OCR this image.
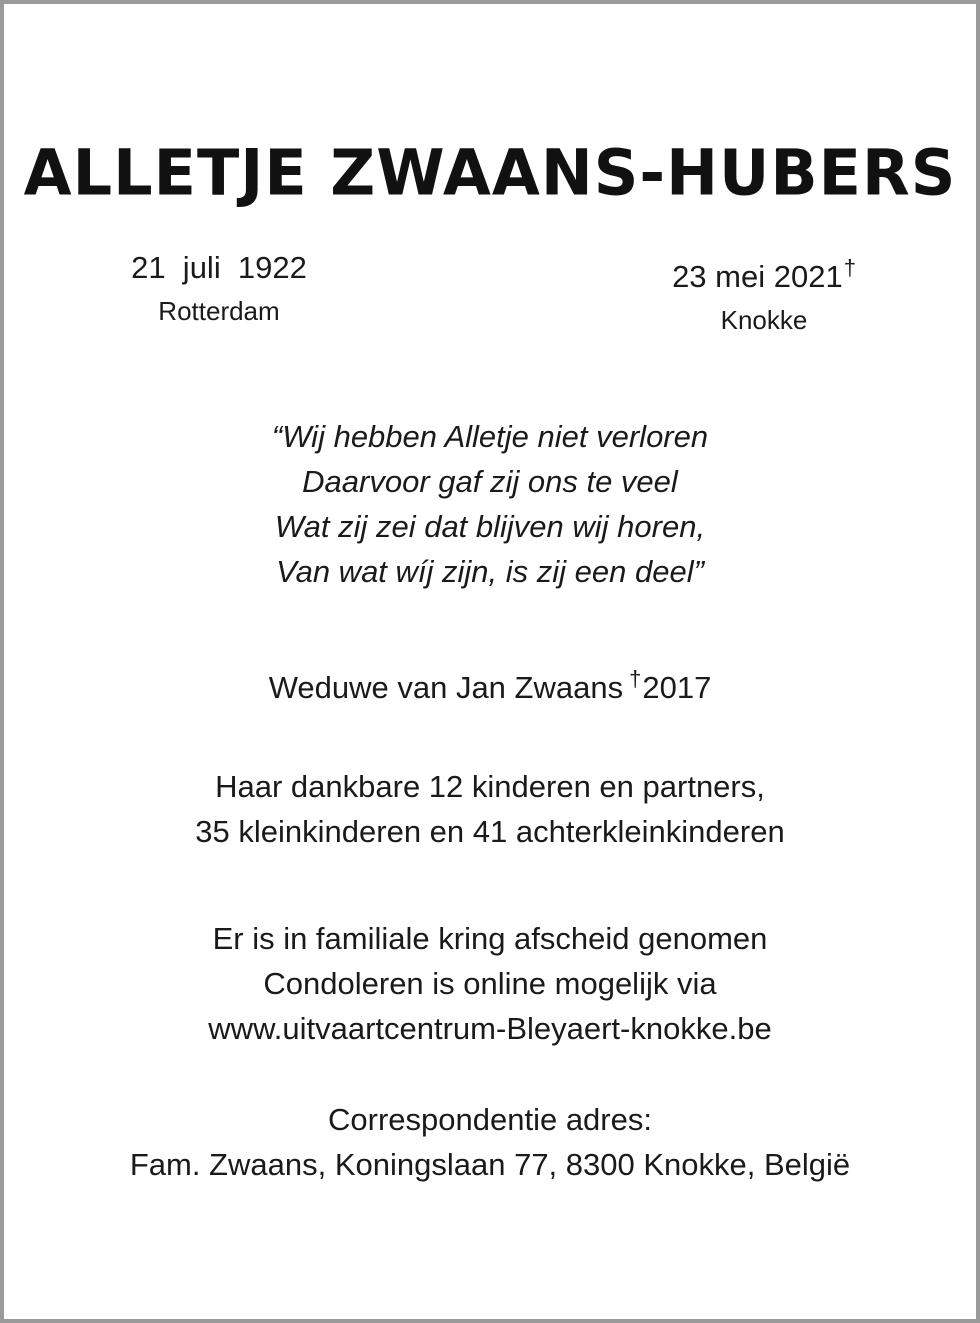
ALLETJE ZWAANS-HUBERS
21  juli  1922
Rotterdam
23 mei 2021†
Knokke
“Wij hebben Alletje niet verloren
Daarvoor gaf zij ons te veel
Wat zij zei dat blijven wij horen,
Van wat wíj zijn, is zij een deel”
Weduwe van Jan Zwaans †2017
Haar dankbare 12 kinderen en partners,
35 kleinkinderen en 41 achterkleinkinderen
Er is in familiale kring afscheid genomen
Condoleren is online mogelijk via
www.uitvaartcentrum-Bleyaert-knokke.be
Correspondentie adres:
Fam. Zwaans, Koningslaan 77, 8300 Knokke, België
